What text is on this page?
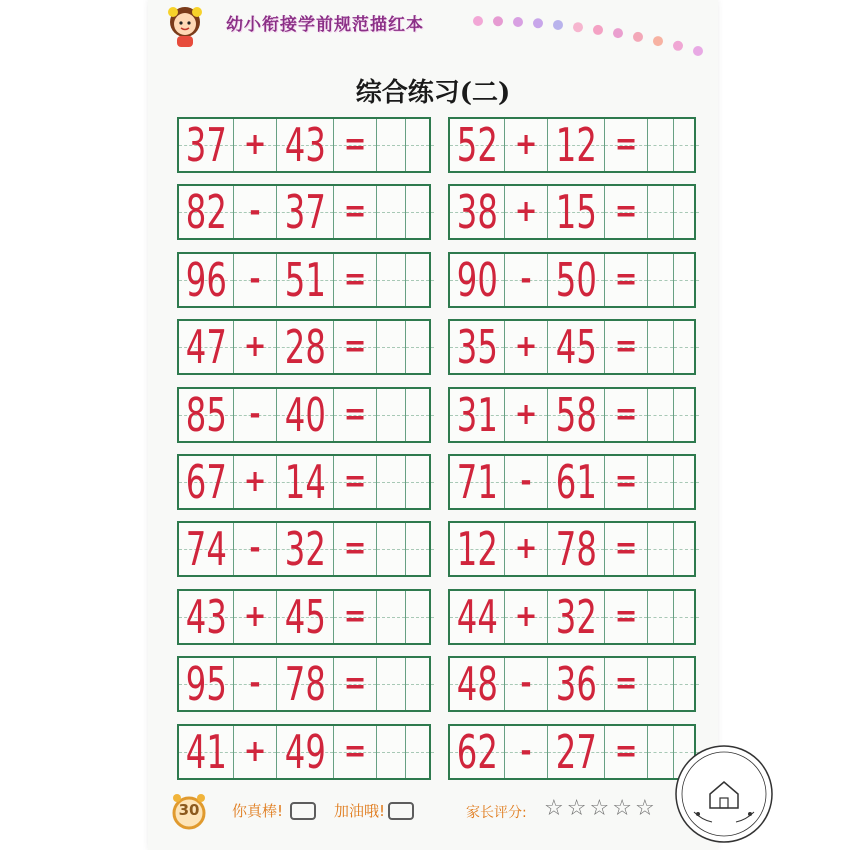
幼小衔接学前规范描红本
综合练习(二)
37 + 43 = 52 + 12 =
82 - 37 = 38 + 15 =
96 - 51 = 90 - 50 =
47 + 28 = 35 + 45 =
85 - 40 = 31 + 58 =
67 + 14 = 71 - 61 =
74 - 32 = 12 + 78 =
43 + 45 = 44 + 32 =
95 - 78 = 48 - 36 =
41 + 49 = 62 - 27 =
30	你真棒!	加油哦!	家长评分: ☆ ☆ ☆ ☆ ☆
